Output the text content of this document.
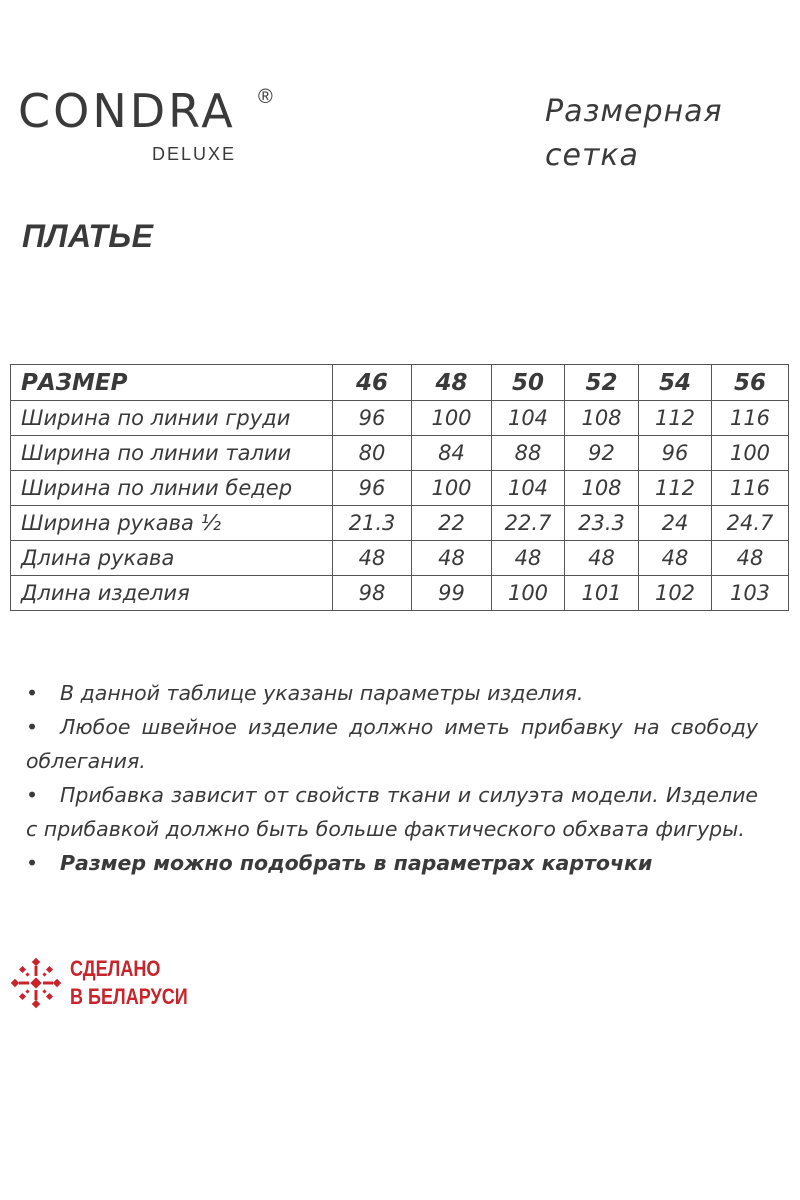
CONDRA ®
DELUXE
Размерная
сетка
ПЛАТЬЕ
РАЗМЕР	46	48	50	52	54	56
Ширина по линии груди	96	100	104	108	112	116
Ширина по линии талии	80	84	88	92	96	100
Ширина по линии бедер	96	100	104	108	112	116
Ширина рукава ½	21.3	22	22.7	23.3	24	24.7
Длина рукава	48	48	48	48	48	48
Длина изделия	98	99	100	101	102	103

• В данной таблице указаны параметры изделия.

• Любое швейное изделие должно иметь прибавку на свободу облегания.

• Прибавка зависит от свойств ткани и силуэта модели. Изделие с прибавкой должно быть больше фактического обхвата фигуры.

• Размер можно подобрать в параметрах карточки

СДЕЛАНО
В БЕЛАРУСИ
